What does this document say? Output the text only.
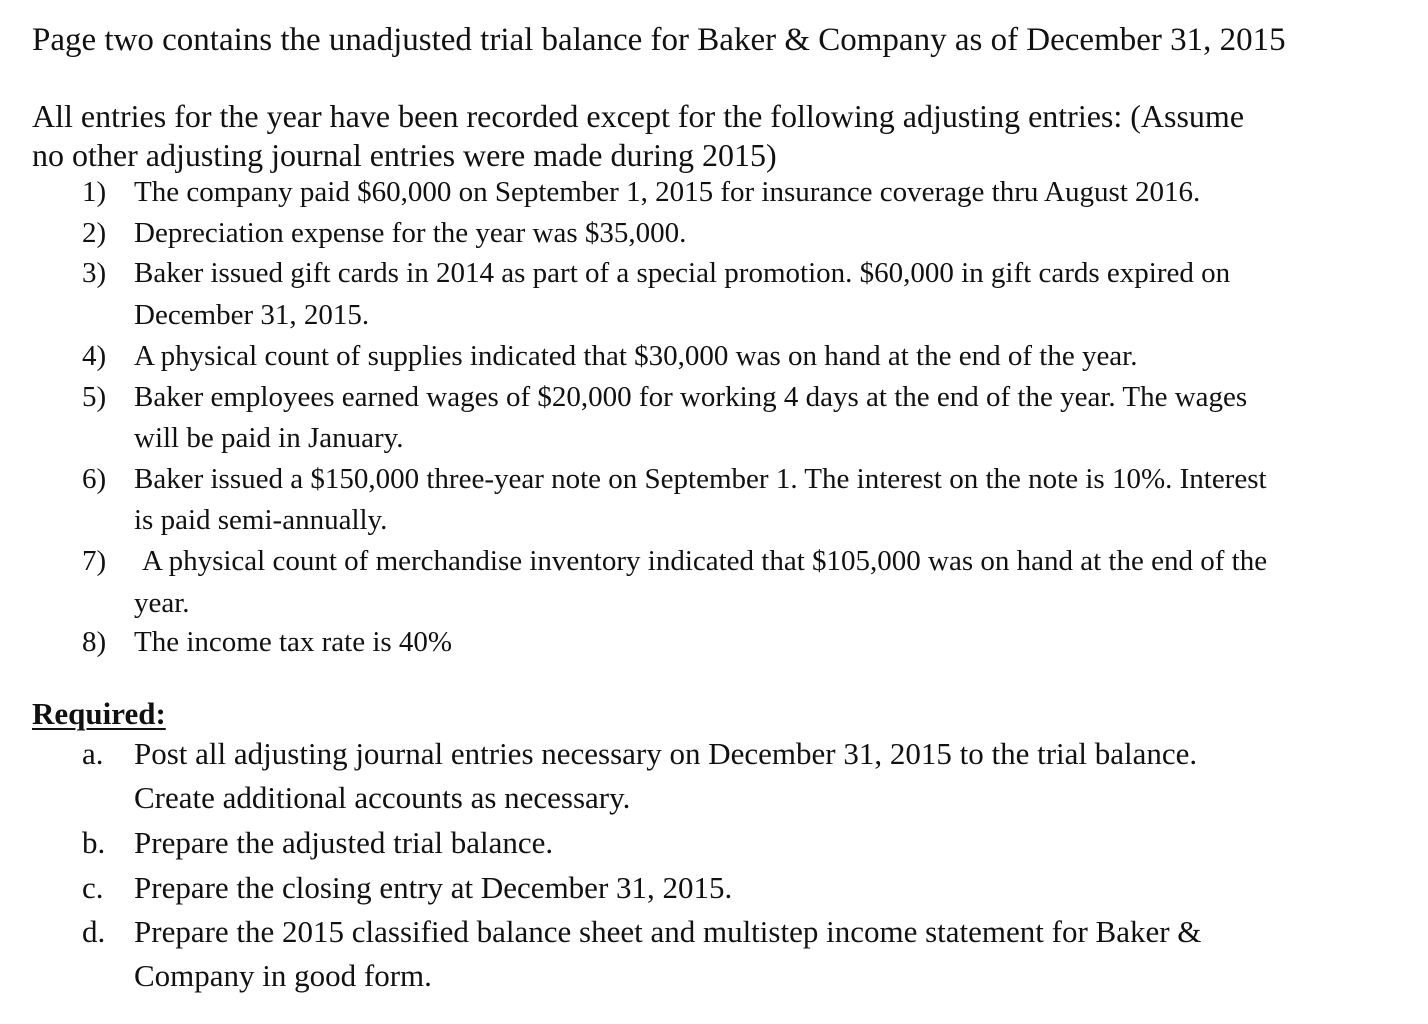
Page two contains the unadjusted trial balance for Baker & Company as of December 31, 2015
All entries for the year have been recorded except for the following adjusting entries: (Assume
no other adjusting journal entries were made during 2015)
1) The company paid $60,000 on September 1, 2015 for insurance coverage thru August 2016.
2) Depreciation expense for the year was $35,000.
3) Baker issued gift cards in 2014 as part of a special promotion. $60,000 in gift cards expired on
December 31, 2015.
4) A physical count of supplies indicated that $30,000 was on hand at the end of the year.
5) Baker employees earned wages of $20,000 for working 4 days at the end of the year. The wages
will be paid in January.
6) Baker issued a $150,000 three-year note on September 1. The interest on the note is 10%. Interest
is paid semi-annually.
7) A physical count of merchandise inventory indicated that $105,000 was on hand at the end of the
year.
8) The income tax rate is 40%
Required:
a. Post all adjusting journal entries necessary on December 31, 2015 to the trial balance.
Create additional accounts as necessary.
b. Prepare the adjusted trial balance.
c. Prepare the closing entry at December 31, 2015.
d. Prepare the 2015 classified balance sheet and multistep income statement for Baker &
Company in good form.
